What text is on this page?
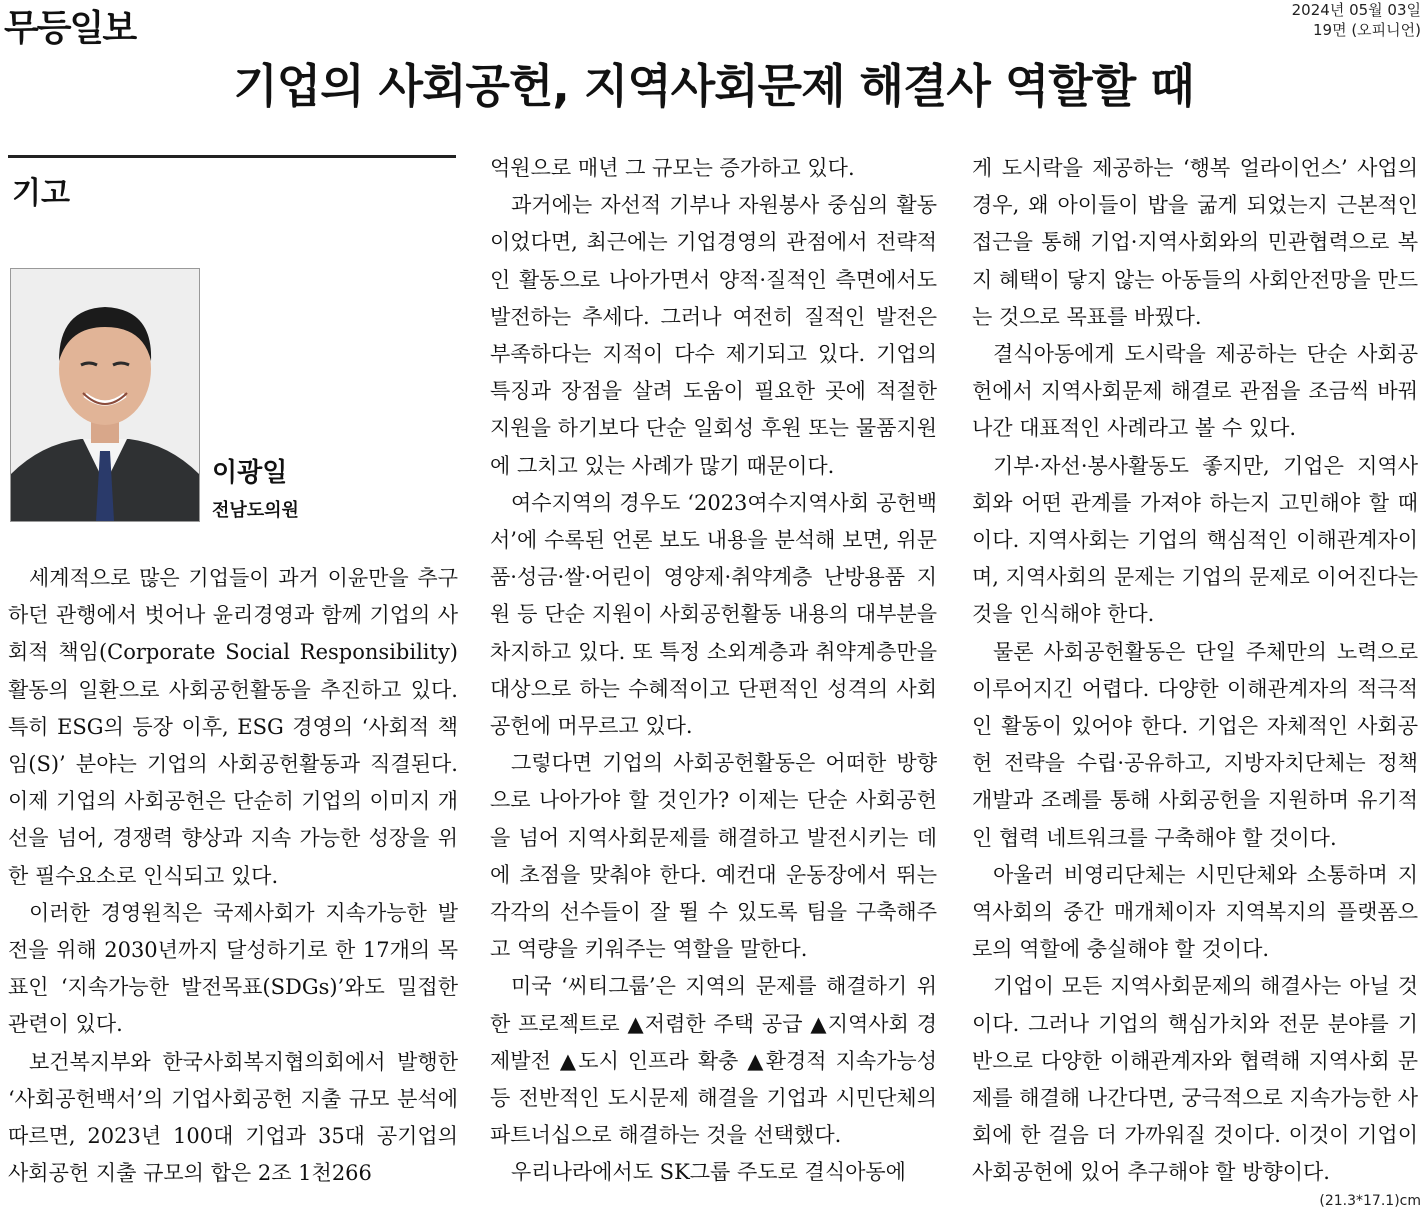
무등일보	2024년 05월 03일
19면 (오피니언)
기업의 사회공헌, 지역사회문제 해결사 역할할 때
기고
이광일
전남도의원

세계적으로 많은 기업들이 과거 이윤만을 추구하던 관행에서 벗어나 윤리경영과 함께 기업의 사회적 책임(Corporate Social Responsibility) 활동의 일환으로 사회공헌활동을 추진하고 있다. 특히 ESG의 등장 이후, ESG 경영의 ‘사회적 책임(S)’ 분야는 기업의 사회공헌활동과 직결된다. 이제 기업의 사회공헌은 단순히 기업의 이미지 개선을 넘어, 경쟁력 향상과 지속 가능한 성장을 위한 필수요소로 인식되고 있다.

이러한 경영원칙은 국제사회가 지속가능한 발전을 위해 2030년까지 달성하기로 한 17개의 목표인 ‘지속가능한 발전목표(SDGs)’와도 밀접한 관련이 있다.

보건복지부와 한국사회복지협의회에서 발행한 ‘사회공헌백서’의 기업사회공헌 지출 규모 분석에 따르면, 2023년 100대 기업과 35대 공기업의 사회공헌 지출 규모의 합은 2조 1천266

억원으로 매년 그 규모는 증가하고 있다.

과거에는 자선적 기부나 자원봉사 중심의 활동이었다면, 최근에는 기업경영의 관점에서 전략적인 활동으로 나아가면서 양적·질적인 측면에서도 발전하는 추세다. 그러나 여전히 질적인 발전은 부족하다는 지적이 다수 제기되고 있다. 기업의 특징과 장점을 살려 도움이 필요한 곳에 적절한 지원을 하기보다 단순 일회성 후원 또는 물품지원에 그치고 있는 사례가 많기 때문이다.

여수지역의 경우도 ‘2023여수지역사회 공헌백서’에 수록된 언론 보도 내용을 분석해 보면, 위문품·성금·쌀·어린이 영양제·취약계층 난방용품 지원 등 단순 지원이 사회공헌활동 내용의 대부분을 차지하고 있다. 또 특정 소외계층과 취약계층만을 대상으로 하는 수혜적이고 단편적인 성격의 사회공헌에 머무르고 있다.

그렇다면 기업의 사회공헌활동은 어떠한 방향으로 나아가야 할 것인가? 이제는 단순 사회공헌을 넘어 지역사회문제를 해결하고 발전시키는 데에 초점을 맞춰야 한다. 예컨대 운동장에서 뛰는 각각의 선수들이 잘 뛸 수 있도록 팀을 구축해주고 역량을 키워주는 역할을 말한다.

미국 ‘씨티그룹’은 지역의 문제를 해결하기 위한 프로젝트로 ▲저렴한 주택 공급 ▲지역사회 경제발전 ▲도시 인프라 확충 ▲환경적 지속가능성 등 전반적인 도시문제 해결을 기업과 시민단체의 파트너십으로 해결하는 것을 선택했다.

우리나라에서도 SK그룹 주도로 결식아동에

게 도시락을 제공하는 ‘행복 얼라이언스’ 사업의 경우, 왜 아이들이 밥을 굶게 되었는지 근본적인 접근을 통해 기업·지역사회와의 민관협력으로 복지 혜택이 닿지 않는 아동들의 사회안전망을 만드는 것으로 목표를 바꿨다.

결식아동에게 도시락을 제공하는 단순 사회공헌에서 지역사회문제 해결로 관점을 조금씩 바꿔 나간 대표적인 사례라고 볼 수 있다.

기부·자선·봉사활동도 좋지만, 기업은 지역사회와 어떤 관계를 가져야 하는지 고민해야 할 때이다. 지역사회는 기업의 핵심적인 이해관계자이며, 지역사회의 문제는 기업의 문제로 이어진다는 것을 인식해야 한다.

물론 사회공헌활동은 단일 주체만의 노력으로 이루어지긴 어렵다. 다양한 이해관계자의 적극적인 활동이 있어야 한다. 기업은 자체적인 사회공헌 전략을 수립·공유하고, 지방자치단체는 정책 개발과 조례를 통해 사회공헌을 지원하며 유기적인 협력 네트워크를 구축해야 할 것이다.

아울러 비영리단체는 시민단체와 소통하며 지역사회의 중간 매개체이자 지역복지의 플랫폼으로의 역할에 충실해야 할 것이다.

기업이 모든 지역사회문제의 해결사는 아닐 것이다. 그러나 기업의 핵심가치와 전문 분야를 기반으로 다양한 이해관계자와 협력해 지역사회 문제를 해결해 나간다면, 궁극적으로 지속가능한 사회에 한 걸음 더 가까워질 것이다. 이것이 기업이 사회공헌에 있어 추구해야 할 방향이다.

(21.3*17.1)cm
